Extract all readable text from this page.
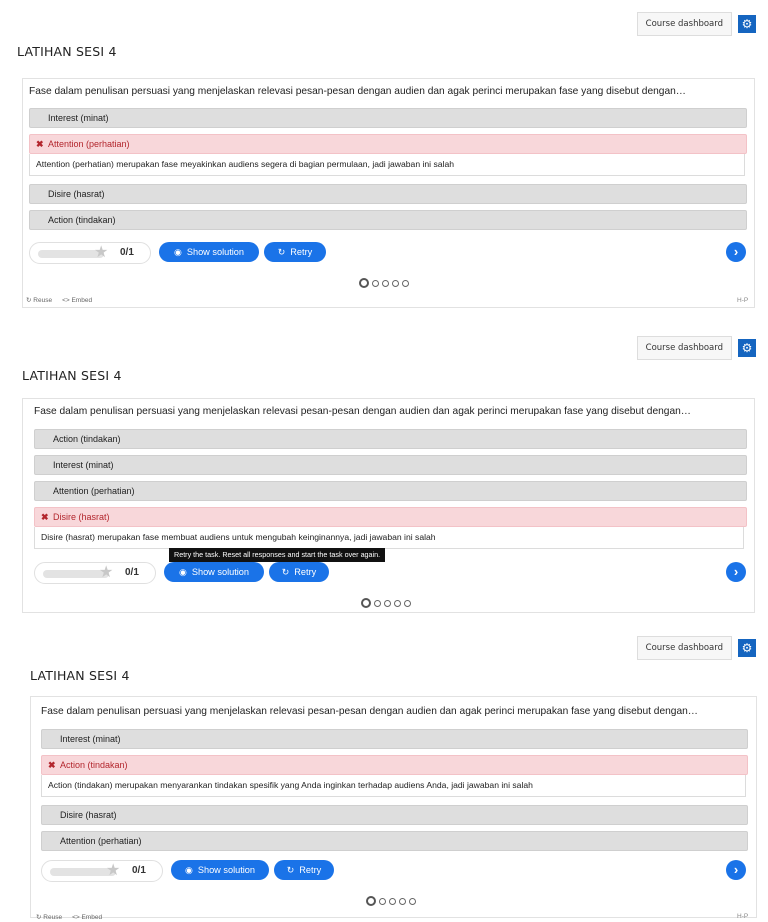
Course dashboard	⚙
LATIHAN SESI 4
Fase dalam penulisan persuasi yang menjelaskan relevasi pesan-pesan dengan audien dan agak perinci merupakan fase yang disebut dengan…
Interest (minat)
✖ Attention (perhatian)
Attention (perhatian) merupakan fase meyakinkan audiens segera di bagian permulaan, jadi jawaban ini salah
Disire (hasrat)
Action (tindakan)
★ 0/1	◉ Show solution	↻ Retry	›
↻ Reuse <> Embed	H-P
Course dashboard	⚙
LATIHAN SESI 4
Fase dalam penulisan persuasi yang menjelaskan relevasi pesan-pesan dengan audien dan agak perinci merupakan fase yang disebut dengan…
Action (tindakan)
Interest (minat)
Attention (perhatian)
✖ Disire (hasrat)
Disire (hasrat) merupakan fase membuat audiens untuk mengubah keinginannya, jadi jawaban ini salah
Retry the task. Reset all responses and start the task over again.
★ 0/1	◉ Show solution	↻ Retry	›
Course dashboard	⚙
LATIHAN SESI 4
Fase dalam penulisan persuasi yang menjelaskan relevasi pesan-pesan dengan audien dan agak perinci merupakan fase yang disebut dengan…
Interest (minat)
✖ Action (tindakan)
Action (tindakan) merupakan menyarankan tindakan spesifik yang Anda inginkan terhadap audiens Anda, jadi jawaban ini salah
Disire (hasrat)
Attention (perhatian)
★ 0/1	◉ Show solution	↻ Retry	›
↻ Reuse <> Embed	H-P
